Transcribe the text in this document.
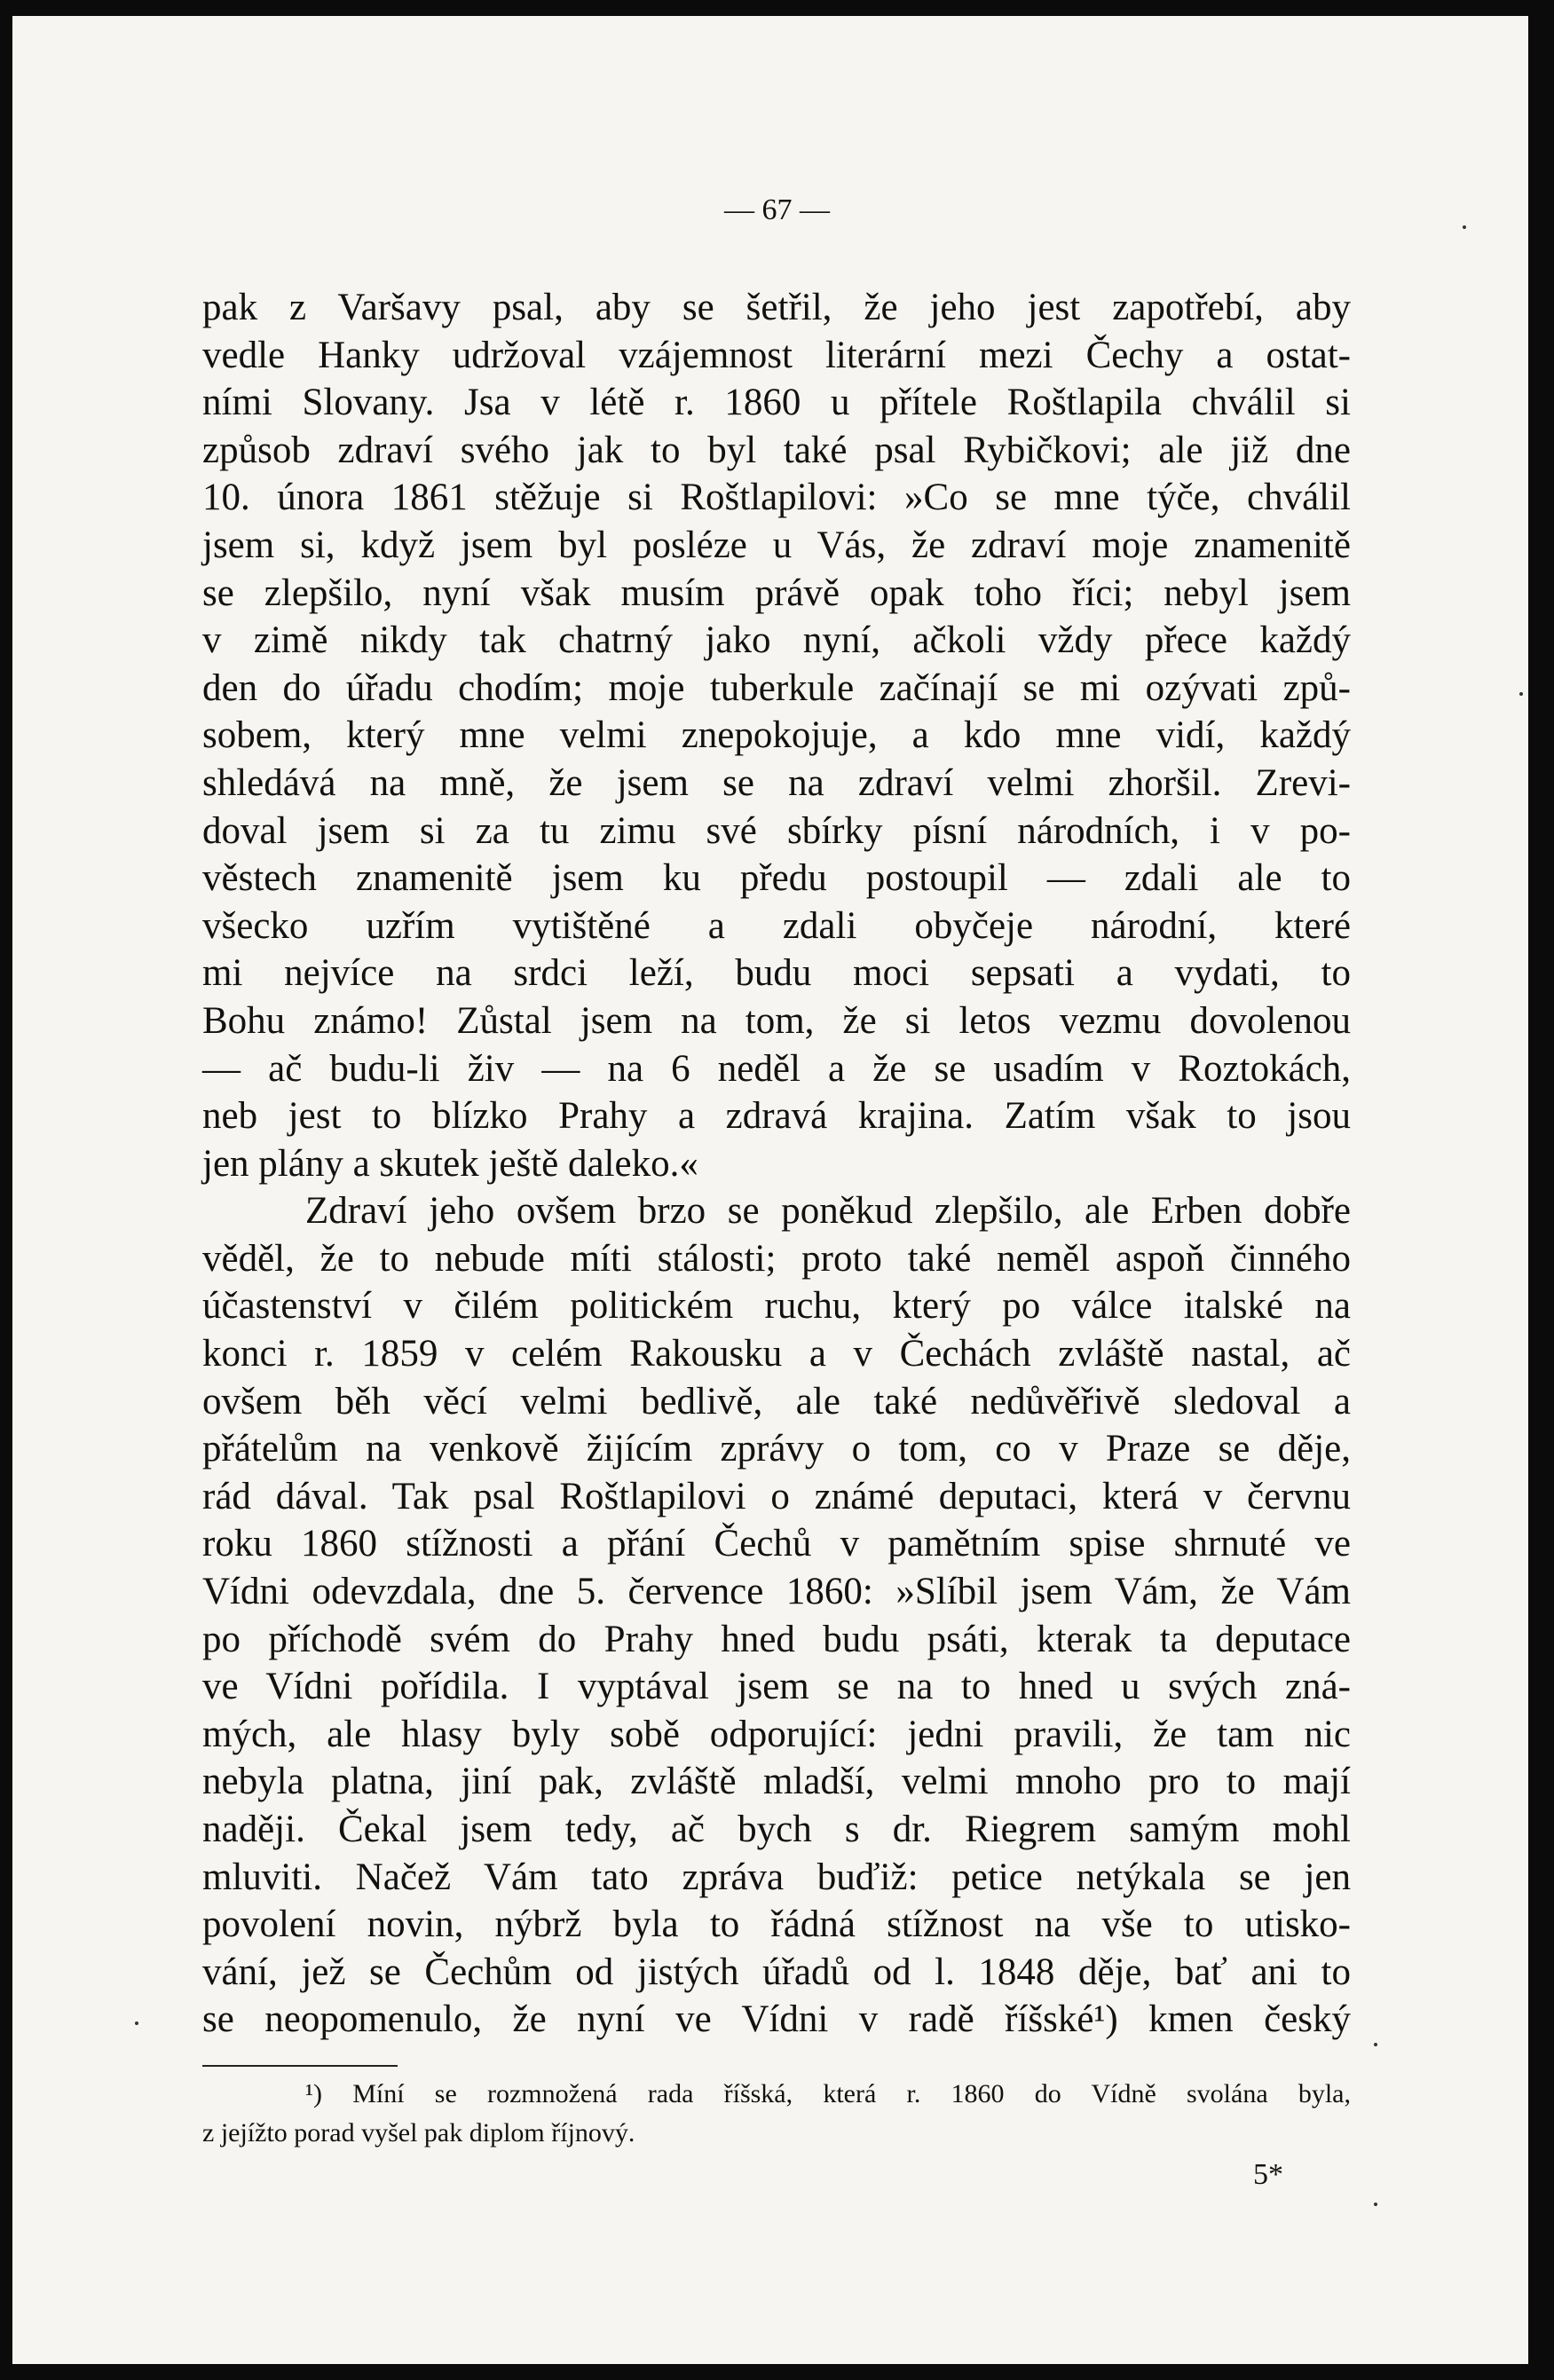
— 67 —
pak z Varšavy psal, aby se šetřil, že jeho jest zapotřebí, aby
vedle Hanky udržoval vzájemnost literární mezi Čechy a ostat-
ními Slovany. Jsa v létě r. 1860 u přítele Roštlapila chválil si
způsob zdraví svého jak to byl také psal Rybičkovi; ale již dne
10. února 1861 stěžuje si Roštlapilovi: »Co se mne týče, chválil
jsem si, když jsem byl posléze u Vás, že zdraví moje znamenitě
se zlepšilo, nyní však musím právě opak toho říci; nebyl jsem
v zimě nikdy tak chatrný jako nyní, ačkoli vždy přece každý
den do úřadu chodím; moje tuberkule začínají se mi ozývati způ-
sobem, který mne velmi znepokojuje, a kdo mne vidí, každý
shledává na mně, že jsem se na zdraví velmi zhoršil. Zrevi-
doval jsem si za tu zimu své sbírky písní národních, i v po-
věstech znamenitě jsem ku předu postoupil — zdali ale to
všecko uzřím vytištěné a zdali obyčeje národní, které
mi nejvíce na srdci leží, budu moci sepsati a vydati, to
Bohu známo! Zůstal jsem na tom, že si letos vezmu dovolenou
— ač budu-li živ — na 6 neděl a že se usadím v Roztokách,
neb jest to blízko Prahy a zdravá krajina. Zatím však to jsou
jen plány a skutek ještě daleko.«
Zdraví jeho ovšem brzo se poněkud zlepšilo, ale Erben dobře
věděl, že to nebude míti stálosti; proto také neměl aspoň činného
účastenství v čilém politickém ruchu, který po válce italské na
konci r. 1859 v celém Rakousku a v Čechách zvláště nastal, ač
ovšem běh věcí velmi bedlivě, ale také nedůvěřivě sledoval a
přátelům na venkově žijícím zprávy o tom, co v Praze se děje,
rád dával. Tak psal Roštlapilovi o známé deputaci, která v červnu
roku 1860 stížnosti a přání Čechů v pamětním spise shrnuté ve
Vídni odevzdala, dne 5. července 1860: »Slíbil jsem Vám, že Vám
po příchodě svém do Prahy hned budu psáti, kterak ta deputace
ve Vídni pořídila. I vyptával jsem se na to hned u svých zná-
mých, ale hlasy byly sobě odporující: jedni pravili, že tam nic
nebyla platna, jiní pak, zvláště mladší, velmi mnoho pro to mají
naději. Čekal jsem tedy, ač bych s dr. Riegrem samým mohl
mluviti. Načež Vám tato zpráva buďiž: petice netýkala se jen
povolení novin, nýbrž byla to řádná stížnost na vše to utisko-
vání, jež se Čechům od jistých úřadů od l. 1848 děje, bať ani to
se neopomenulo, že nyní ve Vídni v radě říšské¹) kmen český
¹) Míní se rozmnožená rada říšská, která r. 1860 do Vídně svolána byla,
z jejížto porad vyšel pak diplom říjnový.
5*
